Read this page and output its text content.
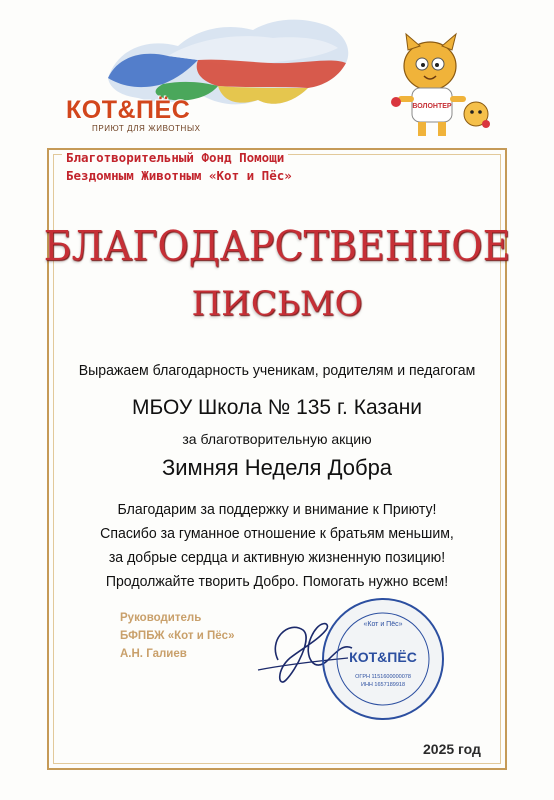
КОТ&ПЁС
ПРИЮТ ДЛЯ ЖИВОТНЫХ
ВОЛОНТЕР
Благотворительный Фонд Помощи
Бездомным Животным «Кот и Пёс»
БЛАГОДАРСТВЕННОЕ
ПИСЬМО
Выражаем благодарность ученикам, родителям и педагогам
МБОУ Школа № 135 г. Казани
за благотворительную акцию
Зимняя Неделя Добра
Благодарим за поддержку и внимание к Приюту!
Спасибо за гуманное отношение к братьям меньшим,
за добрые сердца и активную жизненную позицию!
Продолжайте творить Добро. Помогать нужно всем!
Руководитель
БФПБЖ «Кот и Пёс»
А.Н. Галиев
«Кот и Пёс»
КОТ&ПЁС
ОГРН 1151600000078
ИНН 1657189918
2025 год
